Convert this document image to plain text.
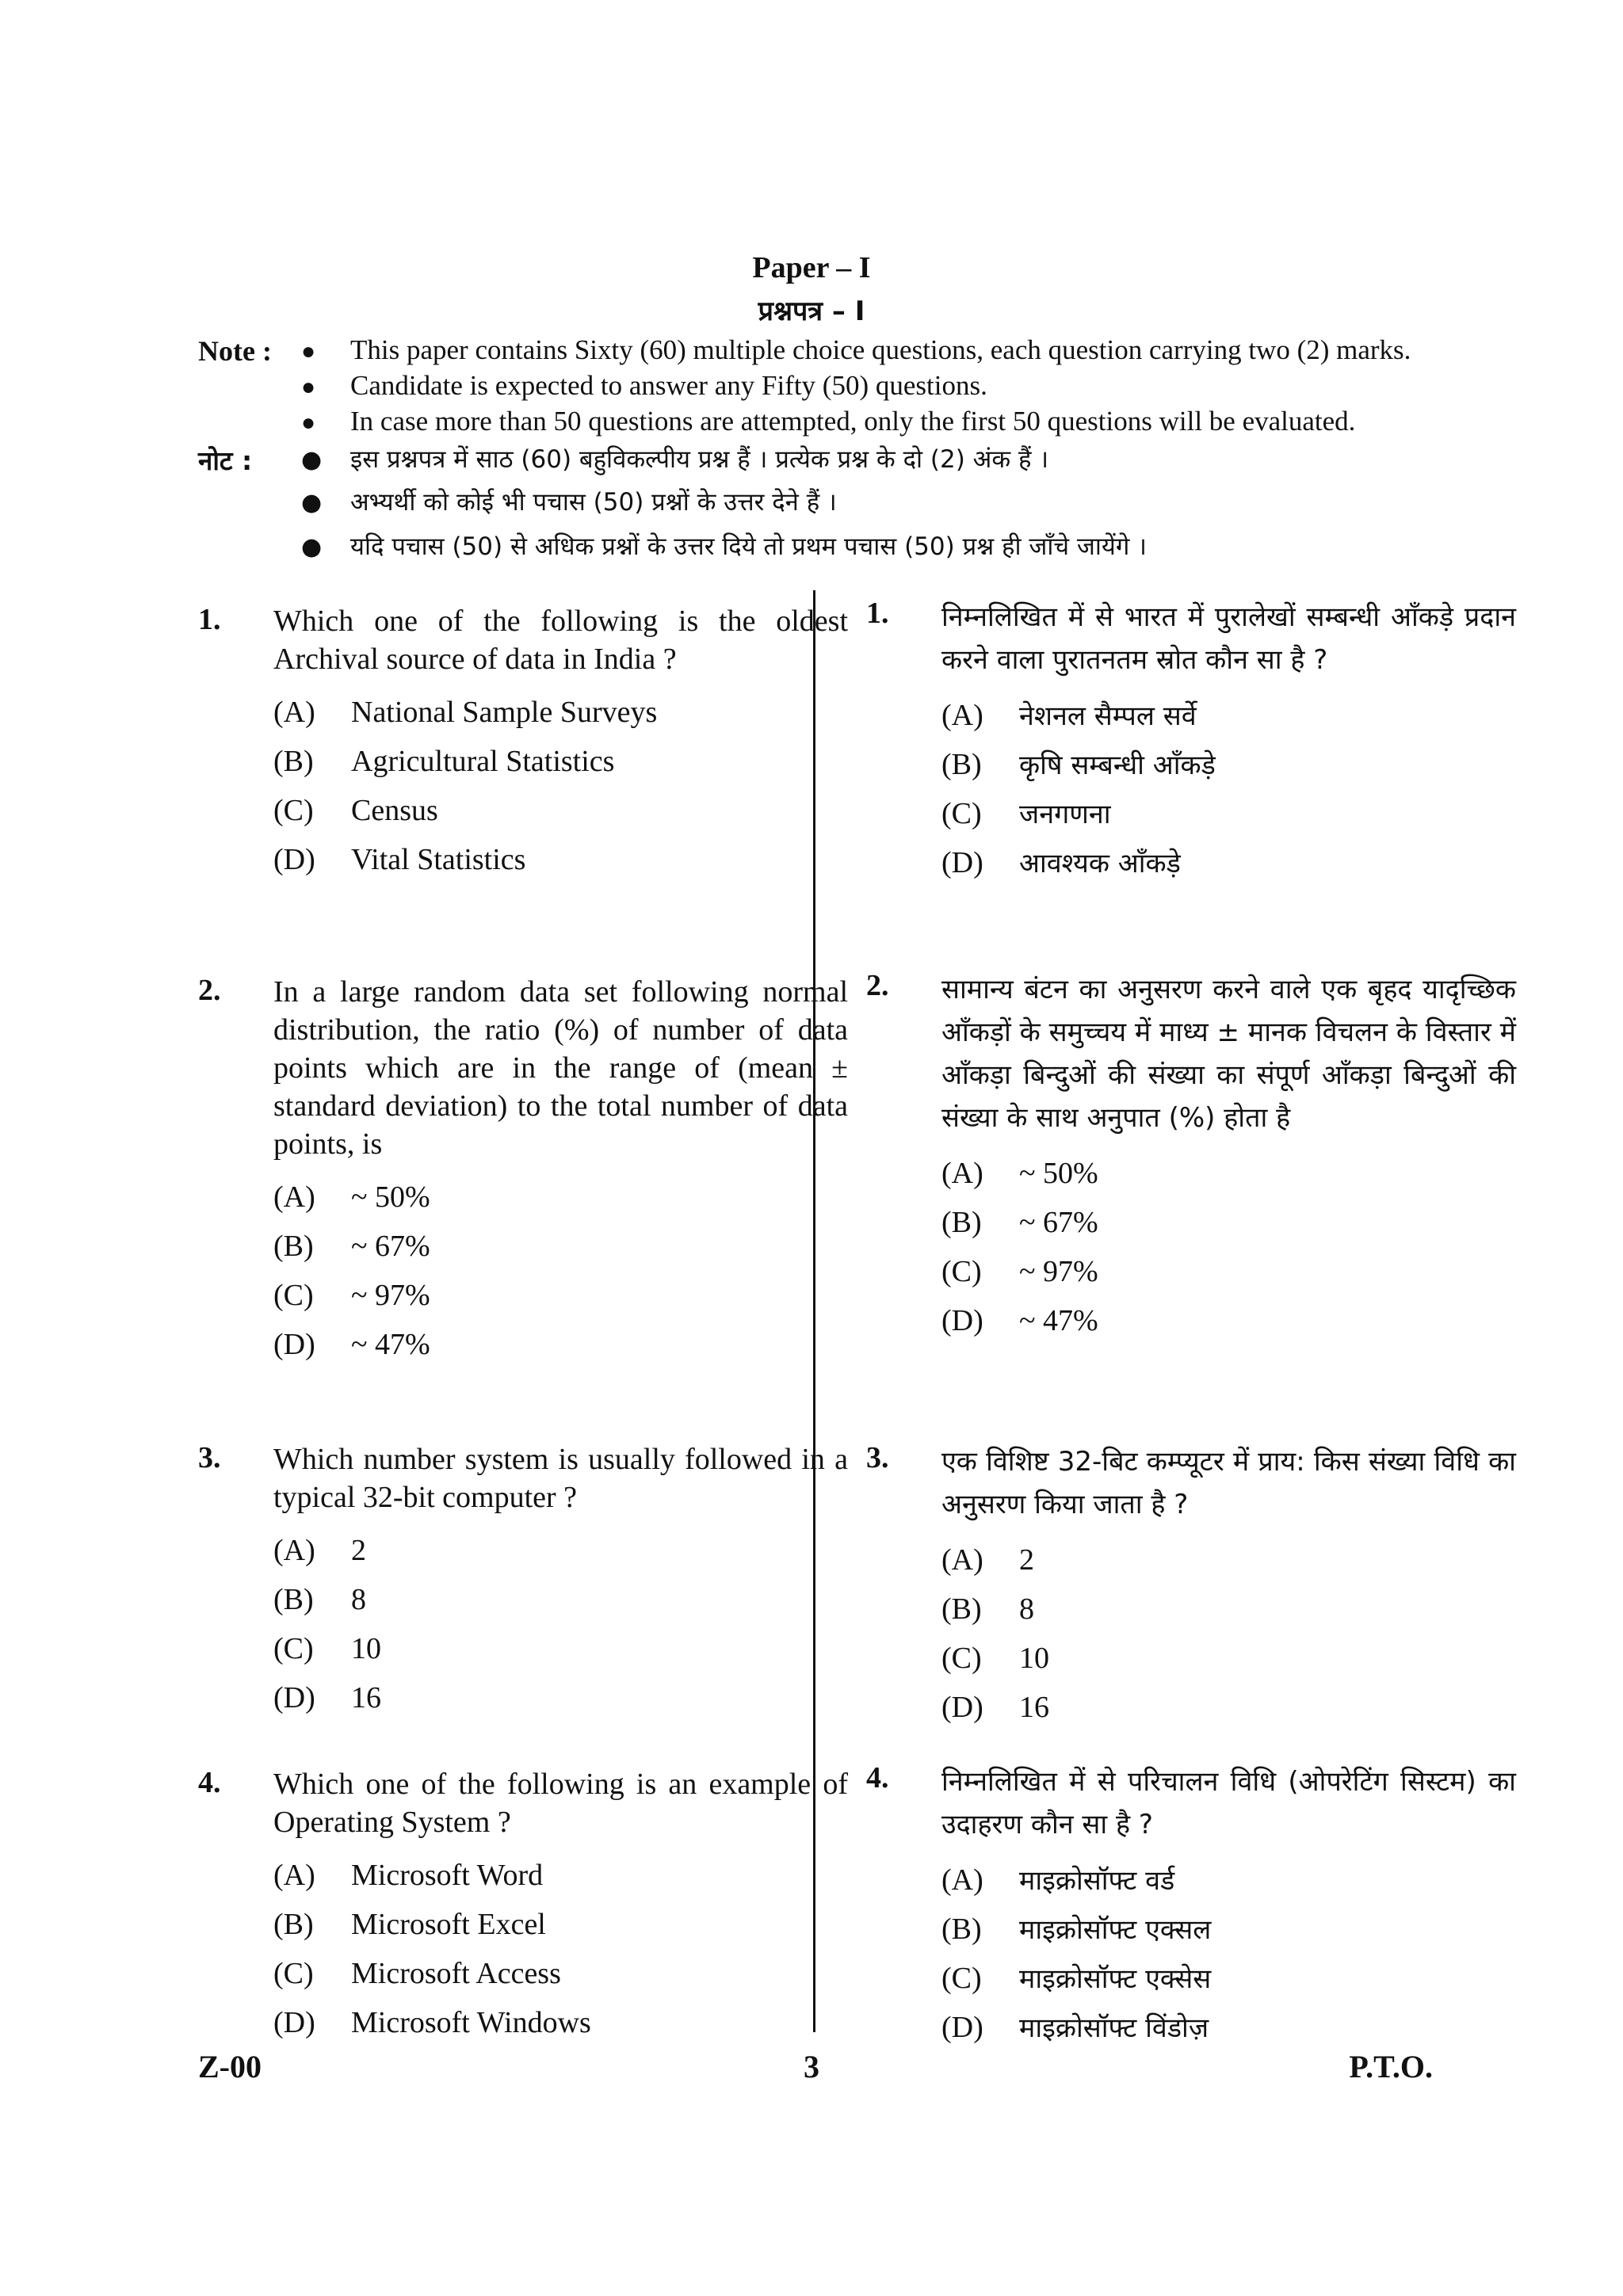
Paper – I
प्रश्नपत्र – I
Note : ● This paper contains Sixty (60) multiple choice questions, each question carrying two (2) marks.
● Candidate is expected to answer any Fifty (50) questions.
● In case more than 50 questions are attempted, only the first 50 questions will be evaluated.
नोट : ● इस प्रश्नपत्र में साठ (60) बहुविकल्पीय प्रश्न हैं । प्रत्येक प्रश्न के दो (2) अंक हैं ।
● अभ्यर्थी को कोई भी पचास (50) प्रश्नों के उत्तर देने हैं ।
● यदि पचास (50) से अधिक प्रश्नों के उत्तर दिये तो प्रथम पचास (50) प्रश्न ही जाँचे जायेंगे ।
1. Which one of the following is the oldest Archival source of data in India ?
(A) National Sample Surveys
(B) Agricultural Statistics
(C) Census
(D) Vital Statistics
2. In a large random data set following normal distribution, the ratio (%) of number of data points which are in the range of (mean ± standard deviation) to the total number of data points, is
(A) ~ 50%
(B) ~ 67%
(C) ~ 97%
(D) ~ 47%
3. Which number system is usually followed in a typical 32-bit computer ?
(A) 2
(B) 8
(C) 10
(D) 16
4. Which one of the following is an example of Operating System ?
(A) Microsoft Word
(B) Microsoft Excel
(C) Microsoft Access
(D) Microsoft Windows
1. निम्नलिखित में से भारत में पुरालेखों सम्बन्धी आँकड़े प्रदान करने वाला पुरातनतम स्रोत कौन सा है ?
(A) नेशनल सैम्पल सर्वे
(B) कृषि सम्बन्धी आँकड़े
(C) जनगणना
(D) आवश्यक आँकड़े
2. सामान्य बंटन का अनुसरण करने वाले एक बृहद यादृच्छिक आँकड़ों के समुच्चय में माध्य ± मानक विचलन के विस्तार में आँकड़ा बिन्दुओं की संख्या का संपूर्ण आँकड़ा बिन्दुओं की संख्या के साथ अनुपात (%) होता है
(A) ~ 50%
(B) ~ 67%
(C) ~ 97%
(D) ~ 47%
3. एक विशिष्ट 32-बिट कम्प्यूटर में प्राय: किस संख्या विधि का अनुसरण किया जाता है ?
(A) 2
(B) 8
(C) 10
(D) 16
4. निम्नलिखित में से परिचालन विधि (ओपरेटिंग सिस्टम) का उदाहरण कौन सा है ?
(A) माइक्रोसॉफ्ट वर्ड
(B) माइक्रोसॉफ्ट एक्सल
(C) माइक्रोसॉफ्ट एक्सेस
(D) माइक्रोसॉफ्ट विंडोज़
Z-00	3	P.T.O.
